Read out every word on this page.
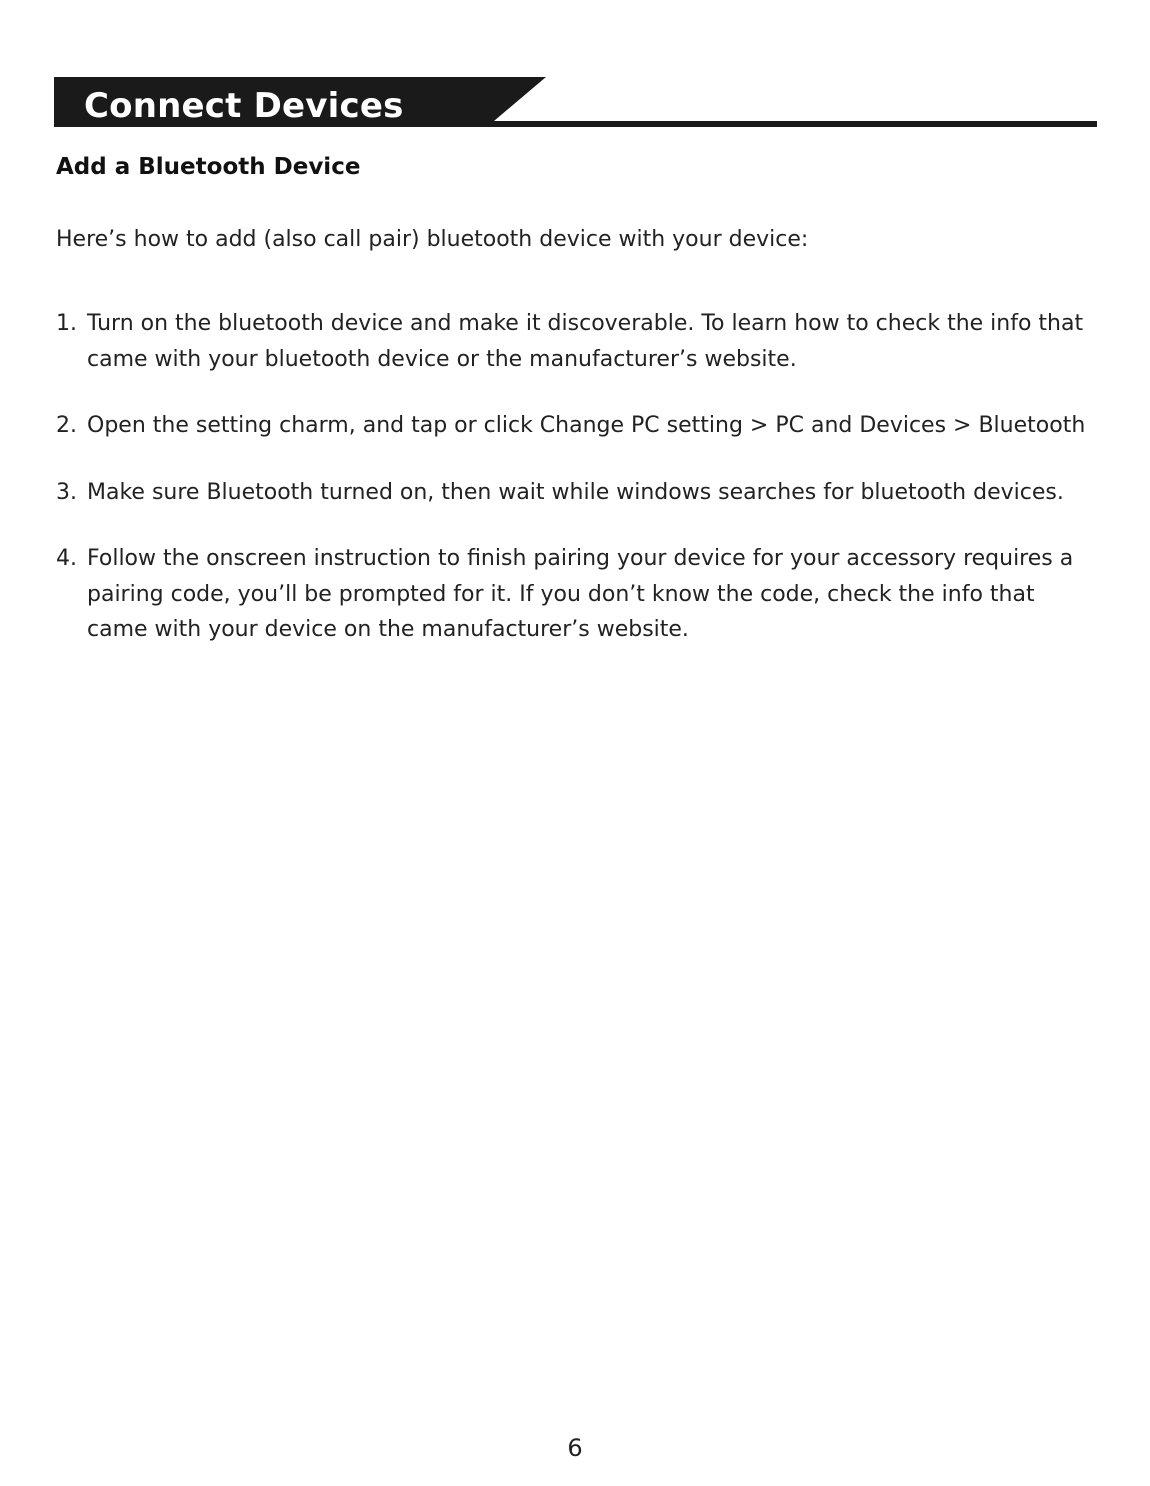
Connect Devices
Add a Bluetooth Device
Here’s how to add (also call pair) bluetooth device with your device:
1. Turn on the bluetooth device and make it discoverable. To learn how to check the info that came with your bluetooth device or the manufacturer’s website.
2. Open the setting charm, and tap or click Change PC setting > PC and Devices > Bluetooth
3. Make sure Bluetooth turned on, then wait while windows searches for bluetooth devices.
4. Follow the onscreen instruction to finish pairing your device for your accessory requires a pairing code, you’ll be prompted for it. If you don’t know the code, check the info that came with your device on the manufacturer’s website.
6
